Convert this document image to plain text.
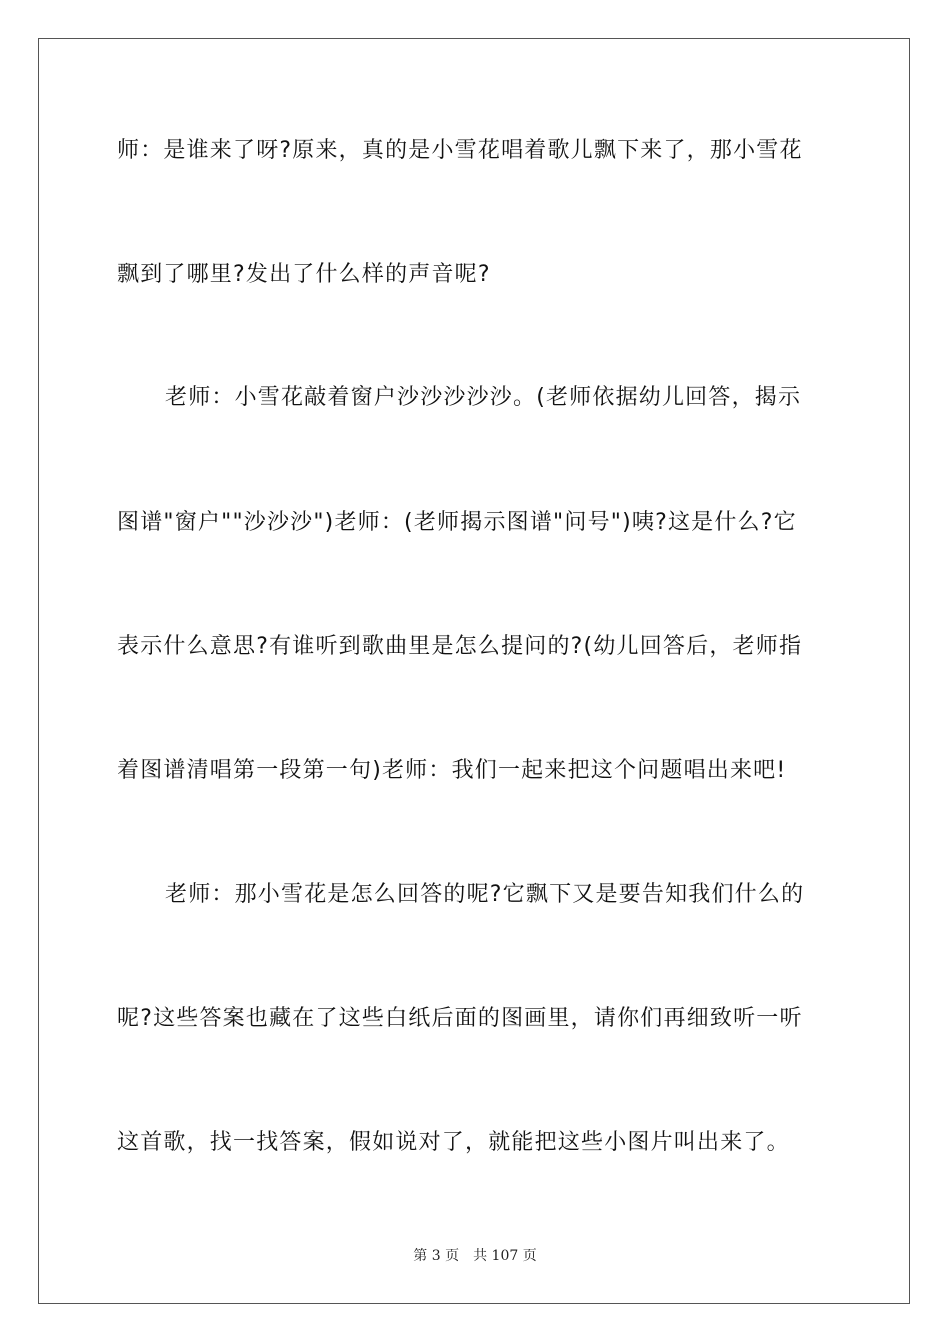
师：是谁来了呀?原来，真的是小雪花唱着歌儿飘下来了，那小雪花
飘到了哪里?发出了什么样的声音呢?
老师：小雪花敲着窗户沙沙沙沙沙。(老师依据幼儿回答，揭示
图谱"窗户""沙沙沙")老师：(老师揭示图谱"问号")咦?这是什么?它
表示什么意思?有谁听到歌曲里是怎么提问的?(幼儿回答后，老师指
着图谱清唱第一段第一句)老师：我们一起来把这个问题唱出来吧!
老师：那小雪花是怎么回答的呢?它飘下又是要告知我们什么的
呢?这些答案也藏在了这些白纸后面的图画里，请你们再细致听一听
这首歌，找一找答案，假如说对了，就能把这些小图片叫出来了。
第 3 页　共 107 页
